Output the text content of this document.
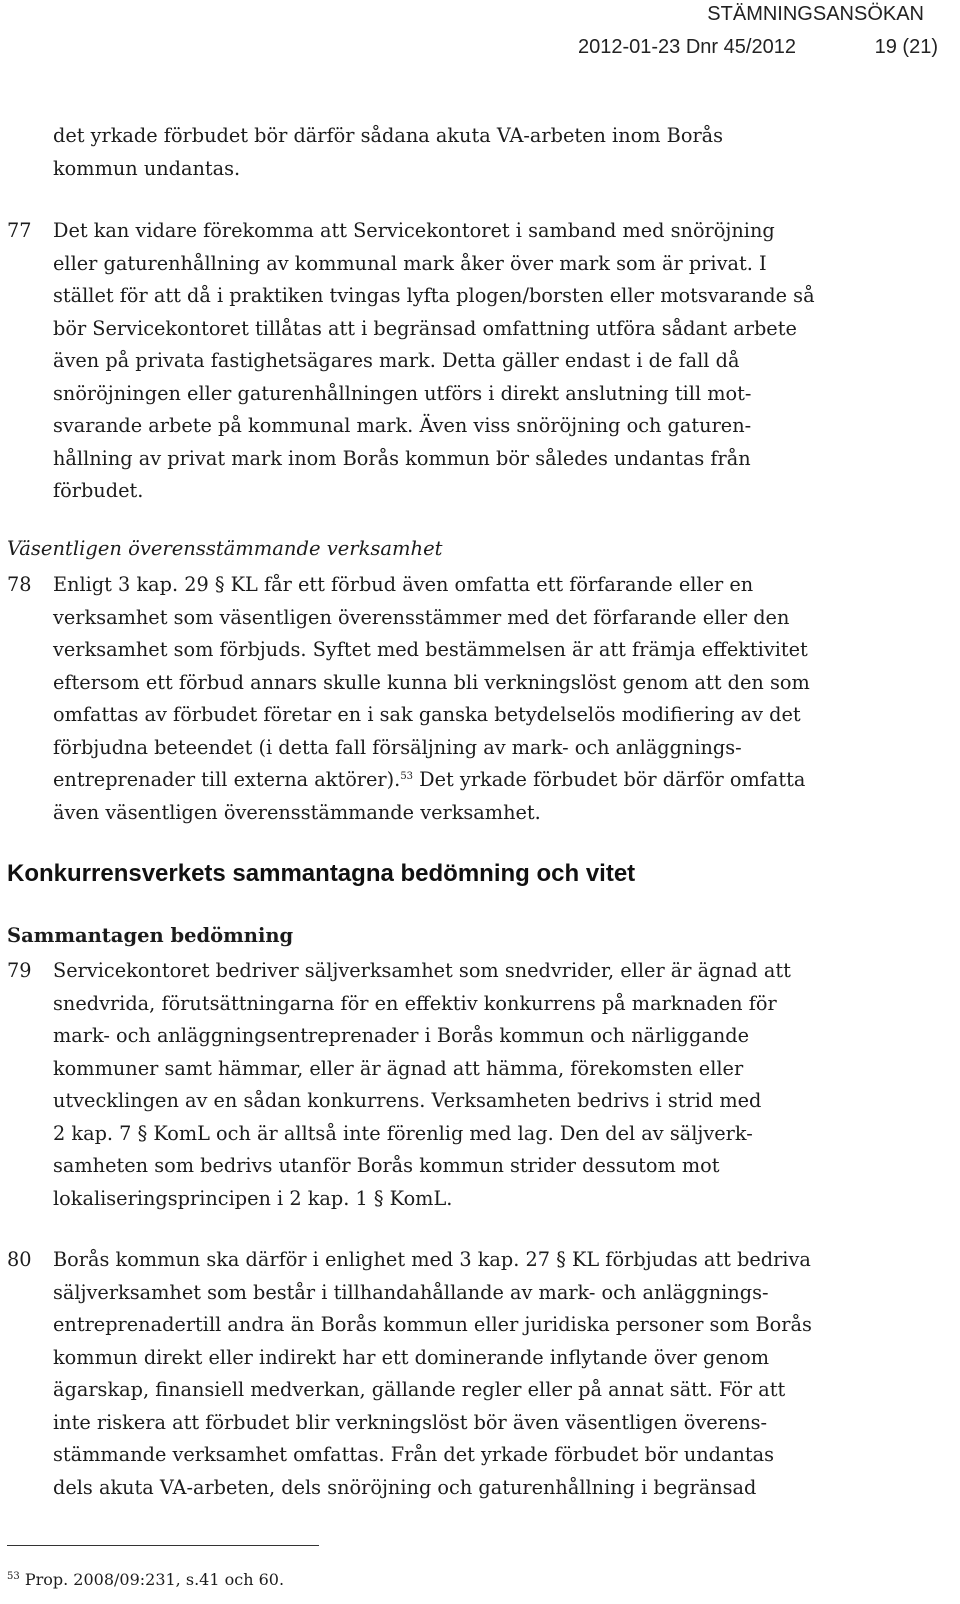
STÄMNINGSANSÖKAN
2012-01-23 Dnr 45/2012	19 (21)
det yrkade förbudet bör därför sådana akuta VA-arbeten inom Borås
kommun undantas.
77 Det kan vidare förekomma att Servicekontoret i samband med snöröjning
eller gaturenhållning av kommunal mark åker över mark som är privat. I
stället för att då i praktiken tvingas lyfta plogen/borsten eller motsvarande så
bör Servicekontoret tillåtas att i begränsad omfattning utföra sådant arbete
även på privata fastighetsägares mark. Detta gäller endast i de fall då
snöröjningen eller gaturenhållningen utförs i direkt anslutning till mot-
svarande arbete på kommunal mark. Även viss snöröjning och gaturen-
hållning av privat mark inom Borås kommun bör således undantas från
förbudet.
Väsentligen överensstämmande verksamhet
78 Enligt 3 kap. 29 § KL får ett förbud även omfatta ett förfarande eller en
verksamhet som väsentligen överensstämmer med det förfarande eller den
verksamhet som förbjuds. Syftet med bestämmelsen är att främja effektivitet
eftersom ett förbud annars skulle kunna bli verkningslöst genom att den som
omfattas av förbudet företar en i sak ganska betydelselös modifiering av det
förbjudna beteendet (i detta fall försäljning av mark- och anläggnings-
entreprenader till externa aktörer).$^{53}$ Det yrkade förbudet bör därför omfatta
även väsentligen överensstämmande verksamhet.
Konkurrensverkets sammantagna bedömning och vitet
Sammantagen bedömning
79 Servicekontoret bedriver säljverksamhet som snedvrider, eller är ägnad att
snedvrida, förutsättningarna för en effektiv konkurrens på marknaden för
mark- och anläggningsentreprenader i Borås kommun och närliggande
kommuner samt hämmar, eller är ägnad att hämma, förekomsten eller
utvecklingen av en sådan konkurrens. Verksamheten bedrivs i strid med
2 kap. 7 § KomL och är alltså inte förenlig med lag. Den del av säljverk-
samheten som bedrivs utanför Borås kommun strider dessutom mot
lokaliseringsprincipen i 2 kap. 1 § KomL.
80 Borås kommun ska därför i enlighet med 3 kap. 27 § KL förbjudas att bedriva
säljverksamhet som består i tillhandahållande av mark- och anläggnings-
entreprenadertill andra än Borås kommun eller juridiska personer som Borås
kommun direkt eller indirekt har ett dominerande inflytande över genom
ägarskap, finansiell medverkan, gällande regler eller på annat sätt. För att
inte riskera att förbudet blir verkningslöst bör även väsentligen överens-
stämmande verksamhet omfattas. Från det yrkade förbudet bör undantas
dels akuta VA-arbeten, dels snöröjning och gaturenhållning i begränsad
$^{53}$ Prop. 2008/09:231, s.41 och 60.
